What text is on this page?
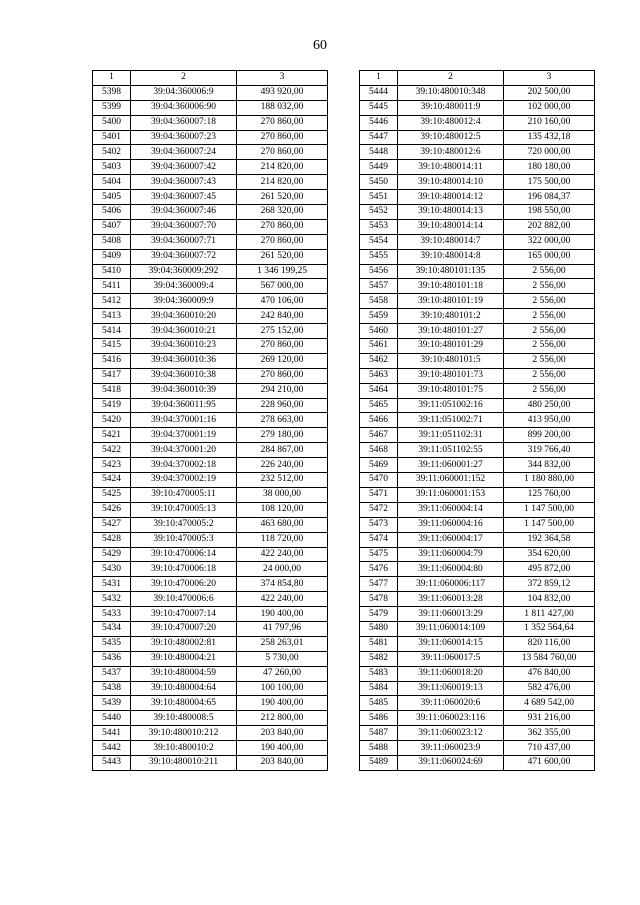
60
1	2	3
5398	39:04:360006:9	493 920,00
5399	39:04:360006:90	188 032,00
5400	39:04:360007:18	270 860,00
5401	39:04:360007:23	270 860,00
5402	39:04:360007:24	270 860,00
5403	39:04:360007:42	214 820,00
5404	39:04:360007:43	214 820,00
5405	39:04:360007:45	261 520,00
5406	39:04:360007:46	268 320,00
5407	39:04:360007:70	270 860,00
5408	39:04:360007:71	270 860,00
5409	39:04:360007:72	261 520,00
5410	39:04:360009:292	1 346 199,25
5411	39:04:360009:4	567 000,00
5412	39:04:360009:9	470 106,00
5413	39:04:360010:20	242 840,00
5414	39:04:360010:21	275 152,00
5415	39:04:360010:23	270 860,00
5416	39:04:360010:36	269 120,00
5417	39:04:360010:38	270 860,00
5418	39:04:360010:39	294 210,00
5419	39:04:360011:95	228 960,00
5420	39:04:370001:16	278 663,00
5421	39:04:370001:19	279 180,00
5422	39:04:370001:20	284 867,00
5423	39:04:370002:18	226 240,00
5424	39:04:370002:19	232 512,00
5425	39:10:470005:11	38 000,00
5426	39:10:470005:13	108 120,00
5427	39:10:470005:2	463 680,00
5428	39:10:470005:3	118 720,00
5429	39:10:470006:14	422 240,00
5430	39:10:470006:18	24 000,00
5431	39:10:470006:20	374 854,80
5432	39:10:470006:6	422 240,00
5433	39:10:470007:14	190 400,00
5434	39:10:470007:20	41 797,96
5435	39:10:480002:81	258 263,01
5436	39:10:480004:21	5 730,00
5437	39:10:480004:59	47 260,00
5438	39:10:480004:64	100 100,00
5439	39:10:480004:65	190 400,00
5440	39:10:480008:5	212 800,00
5441	39:10:480010:212	203 840,00
5442	39:10:480010:2	190 400,00
5443	39:10:480010:211	203 840,00
1	2	3
5444	39:10:480010:348	202 500,00
5445	39:10:480011:9	102 000,00
5446	39:10:480012:4	210 160,00
5447	39:10:480012:5	135 432,18
5448	39:10:480012:6	720 000,00
5449	39:10:480014:11	180 180,00
5450	39:10:480014:10	175 500,00
5451	39:10:480014:12	196 084,37
5452	39:10:480014:13	198 550,00
5453	39:10:480014:14	202 882,00
5454	39:10:480014:7	322 000,00
5455	39:10:480014:8	165 000,00
5456	39:10:480101:135	2 556,00
5457	39:10:480101:18	2 556,00
5458	39:10:480101:19	2 556,00
5459	39:10:480101:2	2 556,00
5460	39:10:480101:27	2 556,00
5461	39:10:480101:29	2 556,00
5462	39:10:480101:5	2 556,00
5463	39:10:480101:73	2 556,00
5464	39:10:480101:75	2 556,00
5465	39:11:051002:16	480 250,00
5466	39:11:051002:71	413 950,00
5467	39:11:051102:31	899 200,00
5468	39:11:051102:55	319 766,40
5469	39:11:060001:27	344 832,00
5470	39:11:060001:152	1 180 880,00
5471	39:11:060001:153	125 760,00
5472	39:11:060004:14	1 147 500,00
5473	39:11:060004:16	1 147 500,00
5474	39:11:060004:17	192 364,58
5475	39:11:060004:79	354 620,00
5476	39:11:060004:80	495 872,00
5477	39:11:060006:117	372 859,12
5478	39:11:060013:28	104 832,00
5479	39:11:060013:29	1 811 427,00
5480	39:11:060014:109	1 352 564,64
5481	39:11:060014:15	820 116,00
5482	39:11:060017:5	13 584 760,00
5483	39:11:060018:20	476 840,00
5484	39:11:060019:13	582 476,00
5485	39:11:060020:6	4 689 542,00
5486	39:11:060023:116	931 216,00
5487	39:11:060023:12	362 355,00
5488	39:11:060023:9	710 437,00
5489	39:11:060024:69	471 600,00
